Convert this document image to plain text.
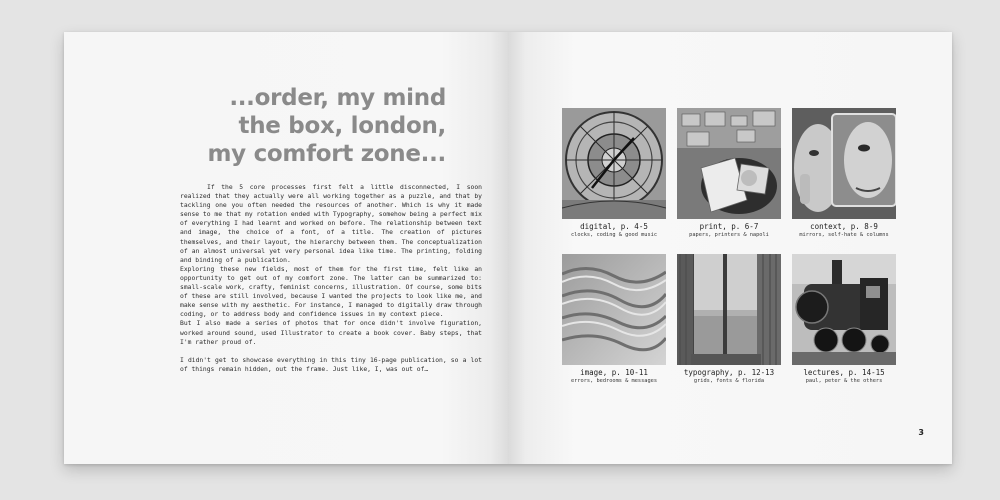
...order, my mind
the box, london,
my comfort zone...

If the 5 core processes first felt a little disconnected, I soon realized that they actually were all working together as a puzzle, and that by tackling one you often needed the resources of another. Which is why it made sense to me that my rotation ended with Typography, somehow being a perfect mix of everything I had learnt and worked on before. The relationship between text and image, the choice of a font, of a title. The creation of pictures themselves, and their layout, the hierarchy between them. The conceptualization of an almost universal yet very personal idea like time. The printing, folding and binding of a publication.

Exploring these new fields, most of them for the first time, felt like an opportunity to get out of my comfort zone. The latter can be summarized to: small-scale work, crafty, feminist concerns, illustration. Of course, some bits of these are still involved, because I wanted the projects to look like me, and make sense with my aesthetic. For instance, I managed to digitally draw through coding, or to address body and confidence issues in my context piece.

But I also made a series of photos that for once didn't involve figuration, worked around sound, used Illustrator to create a book cover. Baby steps, that I'm rather proud of.

I didn't get to showcase everything in this tiny 16-page publication, so a lot of things remain hidden, out the frame. Just like, I, was out of…

digital, p. 4-5
clocks, coding & good music
print, p. 6-7
papers, printers & napoli
context, p. 8-9
mirrors, self-hate & columns
image, p. 10-11
errors, bedrooms & messages
typography, p. 12-13
grids, fonts & florida
lectures, p. 14-15
paul, peter & the others
3
